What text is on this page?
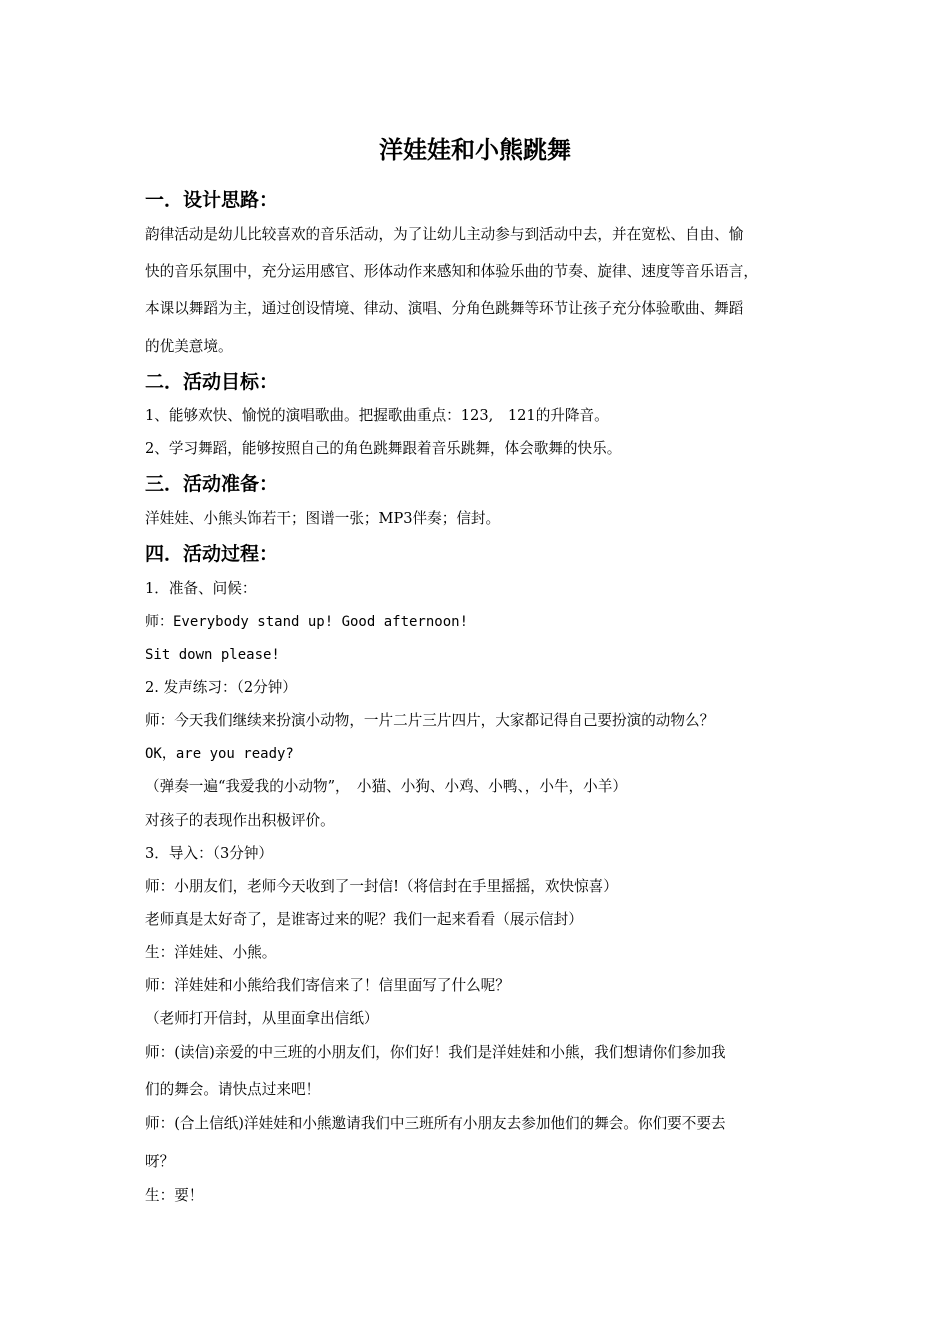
洋娃娃和小熊跳舞
一．设计思路：
韵律活动是幼儿比较喜欢的音乐活动，为了让幼儿主动参与到活动中去，并在宽松、自由、愉
快的音乐氛围中，充分运用感官、形体动作来感知和体验乐曲的节奏、旋律、速度等音乐语言，
本课以舞蹈为主，通过创设情境、律动、演唱、分角色跳舞等环节让孩子充分体验歌曲、舞蹈
的优美意境。
二．活动目标：
1、能够欢快、愉悦的演唱歌曲。把握歌曲重点：123,　121的升降音。
2、学习舞蹈，能够按照自己的角色跳舞跟着音乐跳舞，体会歌舞的快乐。
三．活动准备：
洋娃娃、小熊头饰若干；图谱一张；MP3伴奏；信封。
四．活动过程：
1．准备、问候：
师：Everybody stand up! Good afternoon!
Sit down please!
2. 发声练习：（2分钟）
师：今天我们继续来扮演小动物，一片二片三片四片，大家都记得自己要扮演的动物么？
OK，are you ready?
（弹奏一遍“我爱我的小动物”，　小猫、小狗、小鸡、小鸭、，小牛，小羊）
对孩子的表现作出积极评价。
3．导入：（3分钟）
师：小朋友们，老师今天收到了一封信!（将信封在手里摇摇，欢快惊喜）
老师真是太好奇了，是谁寄过来的呢？我们一起来看看（展示信封）
生：洋娃娃、小熊。
师：洋娃娃和小熊给我们寄信来了！信里面写了什么呢？
（老师打开信封，从里面拿出信纸）
师：(读信)亲爱的中三班的小朋友们，你们好！我们是洋娃娃和小熊，我们想请你们参加我
们的舞会。请快点过来吧！
师：(合上信纸)洋娃娃和小熊邀请我们中三班所有小朋友去参加他们的舞会。你们要不要去
呀？
生：要！
